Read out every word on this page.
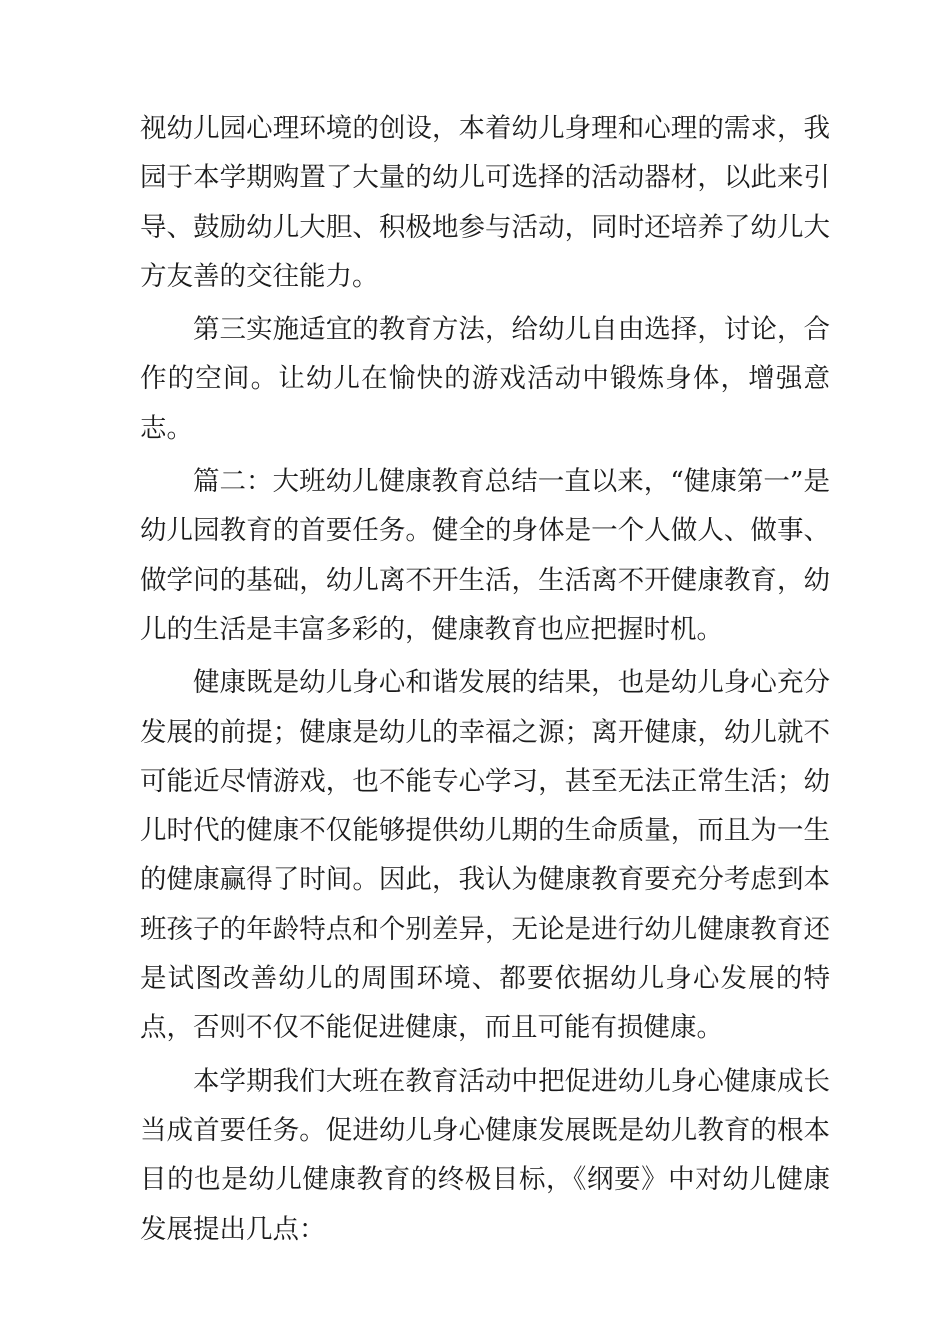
视幼儿园心理环境的创设，本着幼儿身理和心理的需求，我园于本学期购置了大量的幼儿可选择的活动器材，以此来引导、鼓励幼儿大胆、积极地参与活动，同时还培养了幼儿大方友善的交往能力。

第三实施适宜的教育方法，给幼儿自由选择，讨论，合作的空间。让幼儿在愉快的游戏活动中锻炼身体，增强意志。

篇二：大班幼儿健康教育总结一直以来，“健康第一”是幼儿园教育的首要任务。健全的身体是一个人做人、做事、做学问的基础，幼儿离不开生活，生活离不开健康教育，幼儿的生活是丰富多彩的，健康教育也应把握时机。

健康既是幼儿身心和谐发展的结果，也是幼儿身心充分发展的前提；健康是幼儿的幸福之源；离开健康，幼儿就不可能近尽情游戏，也不能专心学习，甚至无法正常生活；幼儿时代的健康不仅能够提供幼儿期的生命质量，而且为一生的健康赢得了时间。因此，我认为健康教育要充分考虑到本班孩子的年龄特点和个别差异，无论是进行幼儿健康教育还是试图改善幼儿的周围环境、都要依据幼儿身心发展的特点，否则不仅不能促进健康，而且可能有损健康。

本学期我们大班在教育活动中把促进幼儿身心健康成长当成首要任务。促进幼儿身心健康发展既是幼儿教育的根本目的也是幼儿健康教育的终极目标，《纲要》中对幼儿健康发展提出几点：
